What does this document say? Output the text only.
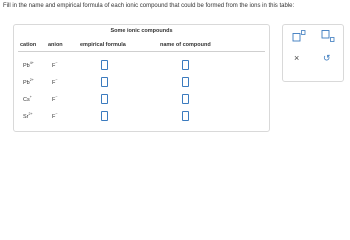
Fill in the name and empirical formula of each ionic compound that could be formed from the ions in this table:
Some ionic compounds
cation anion	empirical formula	name of compound
$Pb^{4+}$	F−
$Pb^{2+}$	F−
Cs+	F−
$Sr^{2+}$	F−
×	↺
